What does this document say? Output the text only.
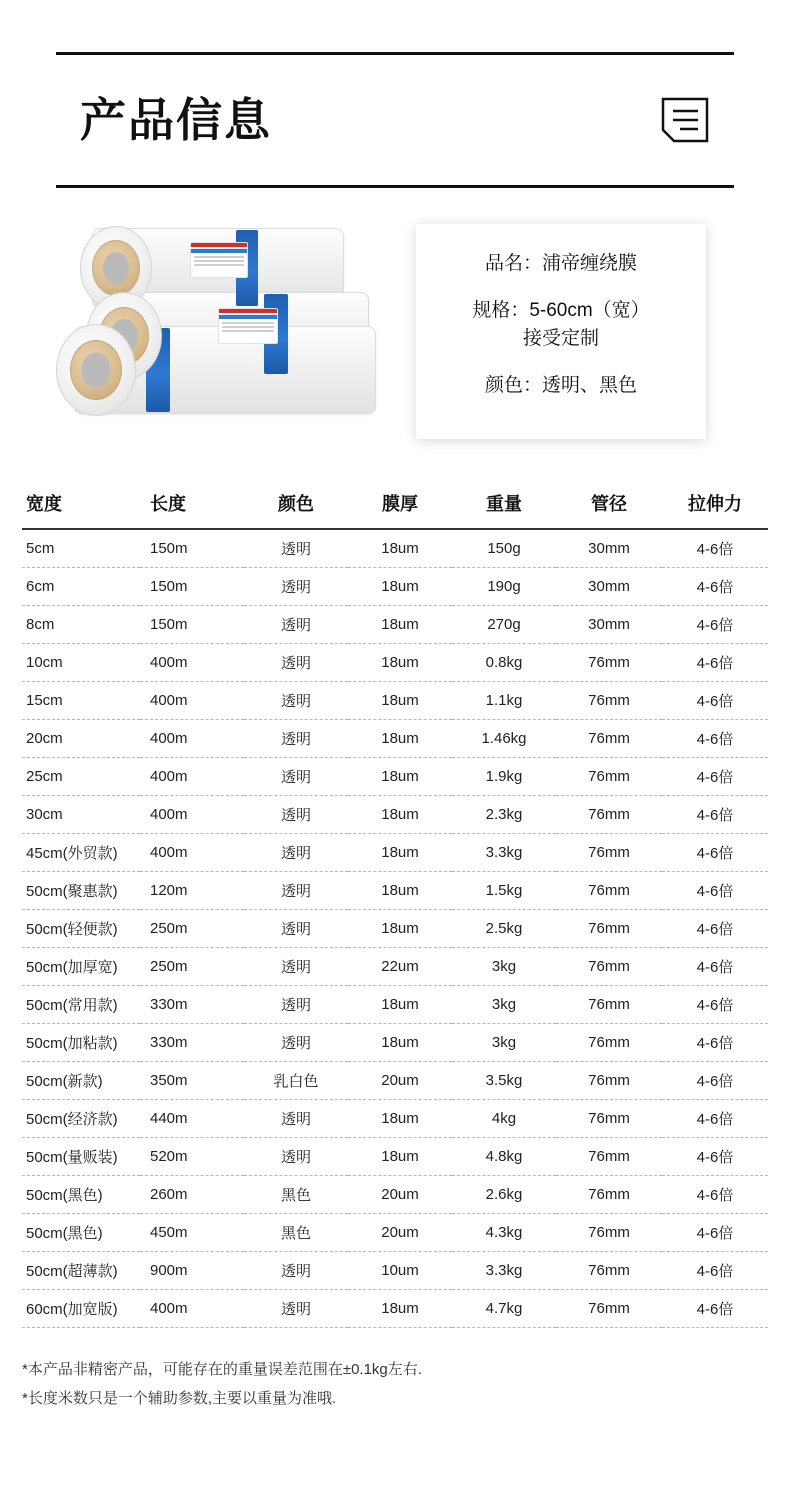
产品信息
品名：浦帝缠绕膜
规格：5-60cm（宽）
接受定制
颜色：透明、黑色
宽度	长度	颜色	膜厚	重量	管径	拉伸力
5cm	150m	透明	18um	150g	30mm	4-6倍
6cm	150m	透明	18um	190g	30mm	4-6倍
8cm	150m	透明	18um	270g	30mm	4-6倍
10cm	400m	透明	18um	0.8kg	76mm	4-6倍
15cm	400m	透明	18um	1.1kg	76mm	4-6倍
20cm	400m	透明	18um	1.46kg	76mm	4-6倍
25cm	400m	透明	18um	1.9kg	76mm	4-6倍
30cm	400m	透明	18um	2.3kg	76mm	4-6倍
45cm(外贸款)	400m	透明	18um	3.3kg	76mm	4-6倍
50cm(聚惠款)	120m	透明	18um	1.5kg	76mm	4-6倍
50cm(轻便款)	250m	透明	18um	2.5kg	76mm	4-6倍
50cm(加厚宽)	250m	透明	22um	3kg	76mm	4-6倍
50cm(常用款)	330m	透明	18um	3kg	76mm	4-6倍
50cm(加粘款)	330m	透明	18um	3kg	76mm	4-6倍
50cm(新款)	350m	乳白色	20um	3.5kg	76mm	4-6倍
50cm(经济款)	440m	透明	18um	4kg	76mm	4-6倍
50cm(量贩装)	520m	透明	18um	4.8kg	76mm	4-6倍
50cm(黑色)	260m	黑色	20um	2.6kg	76mm	4-6倍
50cm(黑色)	450m	黑色	20um	4.3kg	76mm	4-6倍
50cm(超薄款)	900m	透明	10um	3.3kg	76mm	4-6倍
60cm(加宽版)	400m	透明	18um	4.7kg	76mm	4-6倍
*本产品非精密产品，可能存在的重量误差范围在±0.1kg左右.
*长度米数只是一个辅助参数,主要以重量为准哦.
